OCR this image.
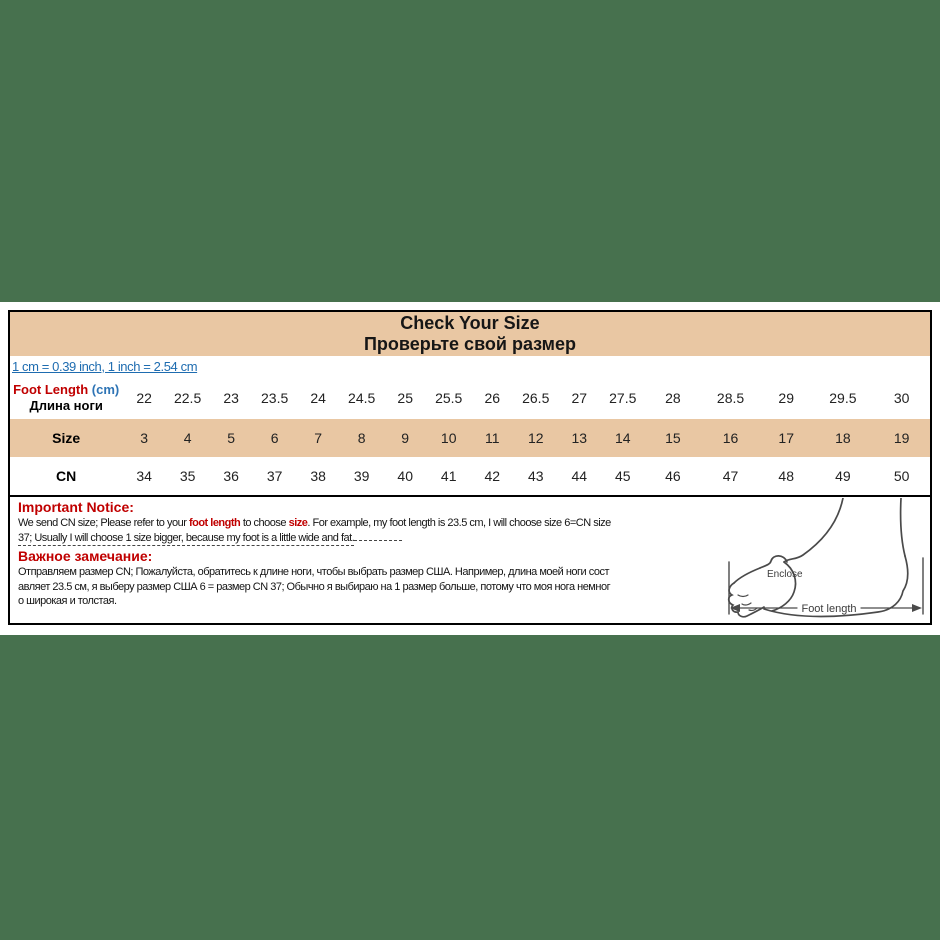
Check Your Size
Проверьте свой размер																	

1 cm = 0.39 inch, 1 inch = 2.54 cm																	

Foot Length (cm)
Длина ноги	22	22.5	23	23.5	24	24.5	25	25.5	26	26.5	27	27.5	28	28.5	29	29.5	30
Size	3	4	5	6	7	8	9	10	11	12	13	14	15	16	17	18	19
CN	34	35	36	37	38	39	40	41	42	43	44	45	46	47	48	49	50

Important Notice:
We send CN size; Please refer to your foot length to choose size. For example, my foot length is 23.5 cm, I will choose size 6=CN size
37; Usually I will choose 1 size bigger, because my foot is a little wide and fat.
Важное замечание:
Отправляем размер CN; Пожалуйста, обратитесь к длине ноги, чтобы выбрать размер США. Например, длина моей ноги сост
авляет 23.5 см, я выберу размер США 6 = размер CN 37; Обычно я выбираю на 1 размер больше, потому что моя нога немног
о широкая и толстая.
Enclose
Foot length
